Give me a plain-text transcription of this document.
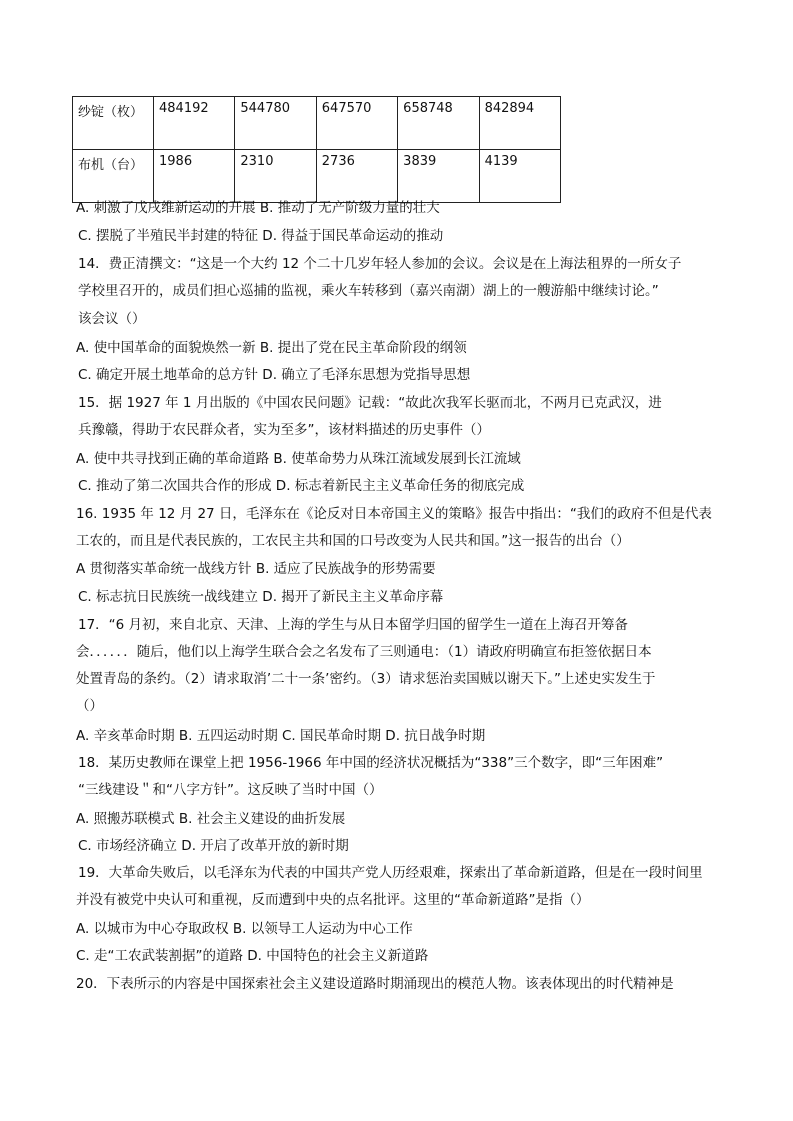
纱锭（枚）	484192	544780	647570	658748	842894
布机（台）	1986	2310	2736	3839	4139
A. 刺激了戊戌维新运动的开展 B. 推动了无产阶级力量的壮大
C. 摆脱了半殖民半封建的特征 D. 得益于国民革命运动的推动
14．费正清撰文：“这是一个大约 12 个二十几岁年轻人参加的会议。会议是在上海法租界的一所女子
学校里召开的，成员们担心巡捕的监视，乘火车转移到（嘉兴南湖）湖上的一艘游船中继续讨论。”
该会议（）
A. 使中国革命的面貌焕然一新 B. 提出了党在民主革命阶段的纲领
C. 确定开展土地革命的总方针 D. 确立了毛泽东思想为党指导思想
15．据 1927 年 1 月出版的《中国农民问题》记载：“故此次我军长驱而北，不两月已克武汉，进
兵豫赣，得助于农民群众者，实为至多”，该材料描述的历史事件（）
A. 使中共寻找到正确的革命道路 B. 使革命势力从珠江流域发展到长江流域
C. 推动了第二次国共合作的形成 D. 标志着新民主主义革命任务的彻底完成
16. 1935 年 12 月 27 日，毛泽东在《论反对日本帝国主义的策略》报告中指出：“我们的政府不但是代表
工农的，而且是代表民族的，工农民主共和国的口号改变为人民共和国。”这一报告的出台（）
A 贯彻落实革命统一战线方针 B. 适应了民族战争的形势需要
C. 标志抗日民族统一战线建立 D. 揭开了新民主主义革命序幕
17．“6 月初，来自北京、天津、上海的学生与从日本留学归国的留学生一道在上海召开筹备
会．．．．．．随后，他们以上海学生联合会之名发布了三则通电：（1）请政府明确宣布拒签依据日本
处置青岛的条约。（2）请求取消’二十一条’密约。（3）请求惩治卖国贼以谢天下。”上述史实发生于
（）
A. 辛亥革命时期 B. 五四运动时期 C. 国民革命时期 D. 抗日战争时期
18．某历史教师在课堂上把 1956-1966 年中国的经济状况概括为“338”三个数字，即“三年困难”
“三线建设＂和“八字方针”。这反映了当时中国（）
A. 照搬苏联模式 B. 社会主义建设的曲折发展
C. 市场经济确立 D. 开启了改革开放的新时期
19．大革命失败后，以毛泽东为代表的中国共产党人历经艰难，探索出了革命新道路，但是在一段时间里
并没有被党中央认可和重视，反而遭到中央的点名批评。这里的“革命新道路”是指（）
A. 以城市为中心夺取政权 B. 以领导工人运动为中心工作
C. 走“工农武装割据”的道路 D. 中国特色的社会主义新道路
20．下表所示的内容是中国探索社会主义建设道路时期涌现出的模范人物。该表体现出的时代精神是
